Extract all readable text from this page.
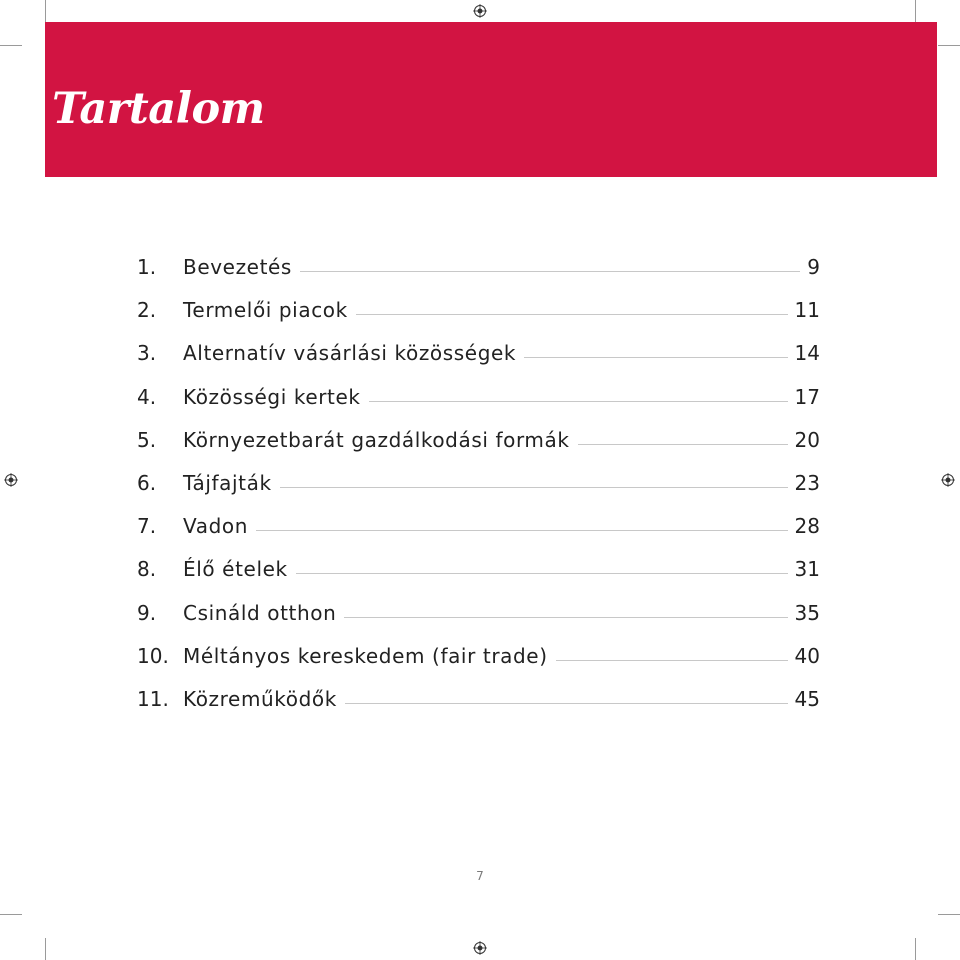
Tartalom
1.	Bevezetés	9
2.	Termelői piacok	11
3.	Alternatív vásárlási közösségek	14
4.	Közösségi kertek	17
5.	Környezetbarát gazdálkodási formák	20
6.	Tájfajták	23
7.	Vadon	28
8.	Élő ételek	31
9.	Csináld otthon	35
10. Méltányos kereskedem (fair trade)	40
11. Közreműködők	45
7
